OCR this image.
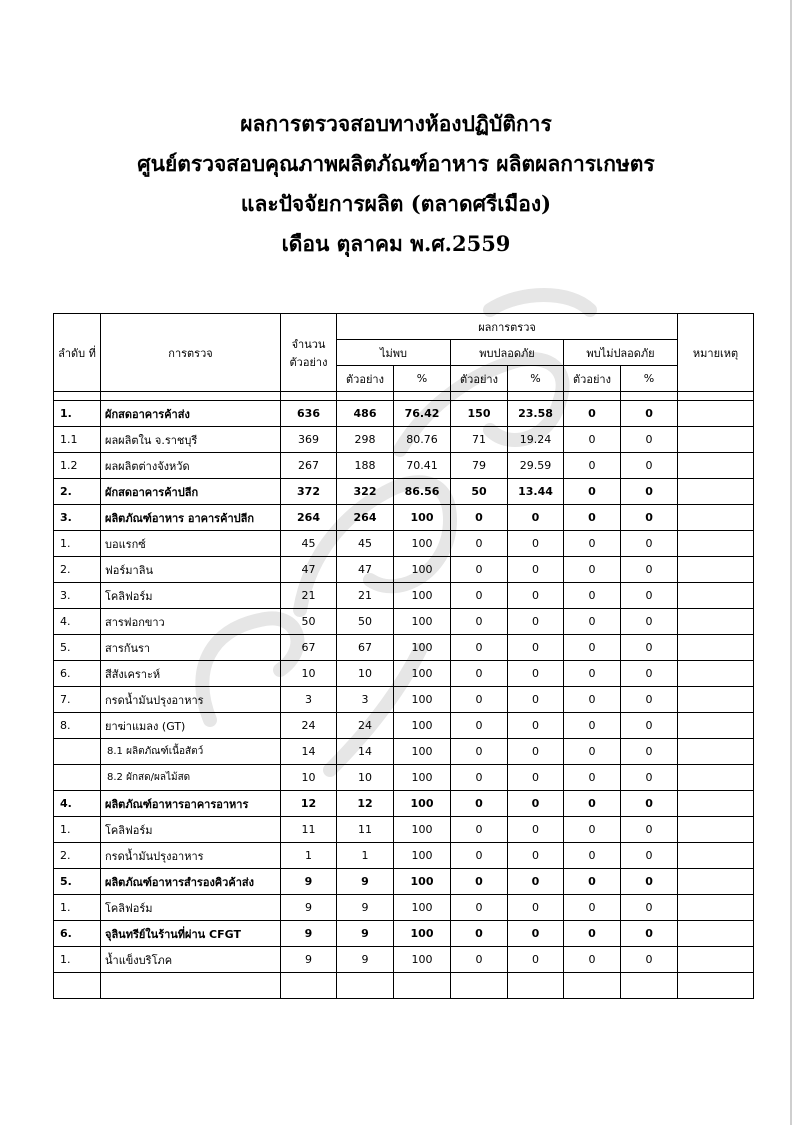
ผลการตรวจสอบทางห้องปฏิบัติการ
ศูนย์ตรวจสอบคุณภาพผลิตภัณฑ์อาหาร ผลิตผลการเกษตร
และปัจจัยการผลิต (ตลาดศรีเมือง)
เดือน ตุลาคม พ.ศ.2559
ลำดับ ที่	การตรวจ	จำนวน ตัวอย่าง	ผลการตรวจ						หมายเหตุ
			ไม่พบ		พบปลอดภัย		พบไม่ปลอดภัย		
			ตัวอย่าง	%	ตัวอย่าง	%	ตัวอย่าง	%	

1.	ผักสดอาคารค้าส่ง	636	486	76.42	150	23.58	0	0	
1.1	ผลผลิตใน จ.ราชบุรี	369	298	80.76	71	19.24	0	0	
1.2	ผลผลิตต่างจังหวัด	267	188	70.41	79	29.59	0	0	
2.	ผักสดอาคารค้าปลีก	372	322	86.56	50	13.44	0	0	
3.	ผลิตภัณฑ์อาหาร อาคารค้าปลีก	264	264	100	0	0	0	0	
1.	บอแรกซ์	45	45	100	0	0	0	0	
2.	ฟอร์มาลิน	47	47	100	0	0	0	0	
3.	โคลิฟอร์ม	21	21	100	0	0	0	0	
4.	สารฟอกขาว	50	50	100	0	0	0	0	
5.	สารกันรา	67	67	100	0	0	0	0	
6.	สีสังเคราะห์	10	10	100	0	0	0	0	
7.	กรดน้ำมันปรุงอาหาร	3	3	100	0	0	0	0	
8.	ยาฆ่าแมลง (GT)	24	24	100	0	0	0	0	
	8.1 ผลิตภัณฑ์เนื้อสัตว์	14	14	100	0	0	0	0	
	8.2 ผักสด/ผลไม้สด	10	10	100	0	0	0	0	
4.	ผลิตภัณฑ์อาหารอาคารอาหาร	12	12	100	0	0	0	0	
1.	โคลิฟอร์ม	11	11	100	0	0	0	0	
2.	กรดน้ำมันปรุงอาหาร	1	1	100	0	0	0	0	
5.	ผลิตภัณฑ์อาหารสำรองคิวค้าส่ง	9	9	100	0	0	0	0	
1.	โคลิฟอร์ม	9	9	100	0	0	0	0	
6.	จุลินทรีย์ในร้านที่ผ่าน CFGT	9	9	100	0	0	0	0	
1.	น้ำแข็งบริโภค	9	9	100	0	0	0	0	
